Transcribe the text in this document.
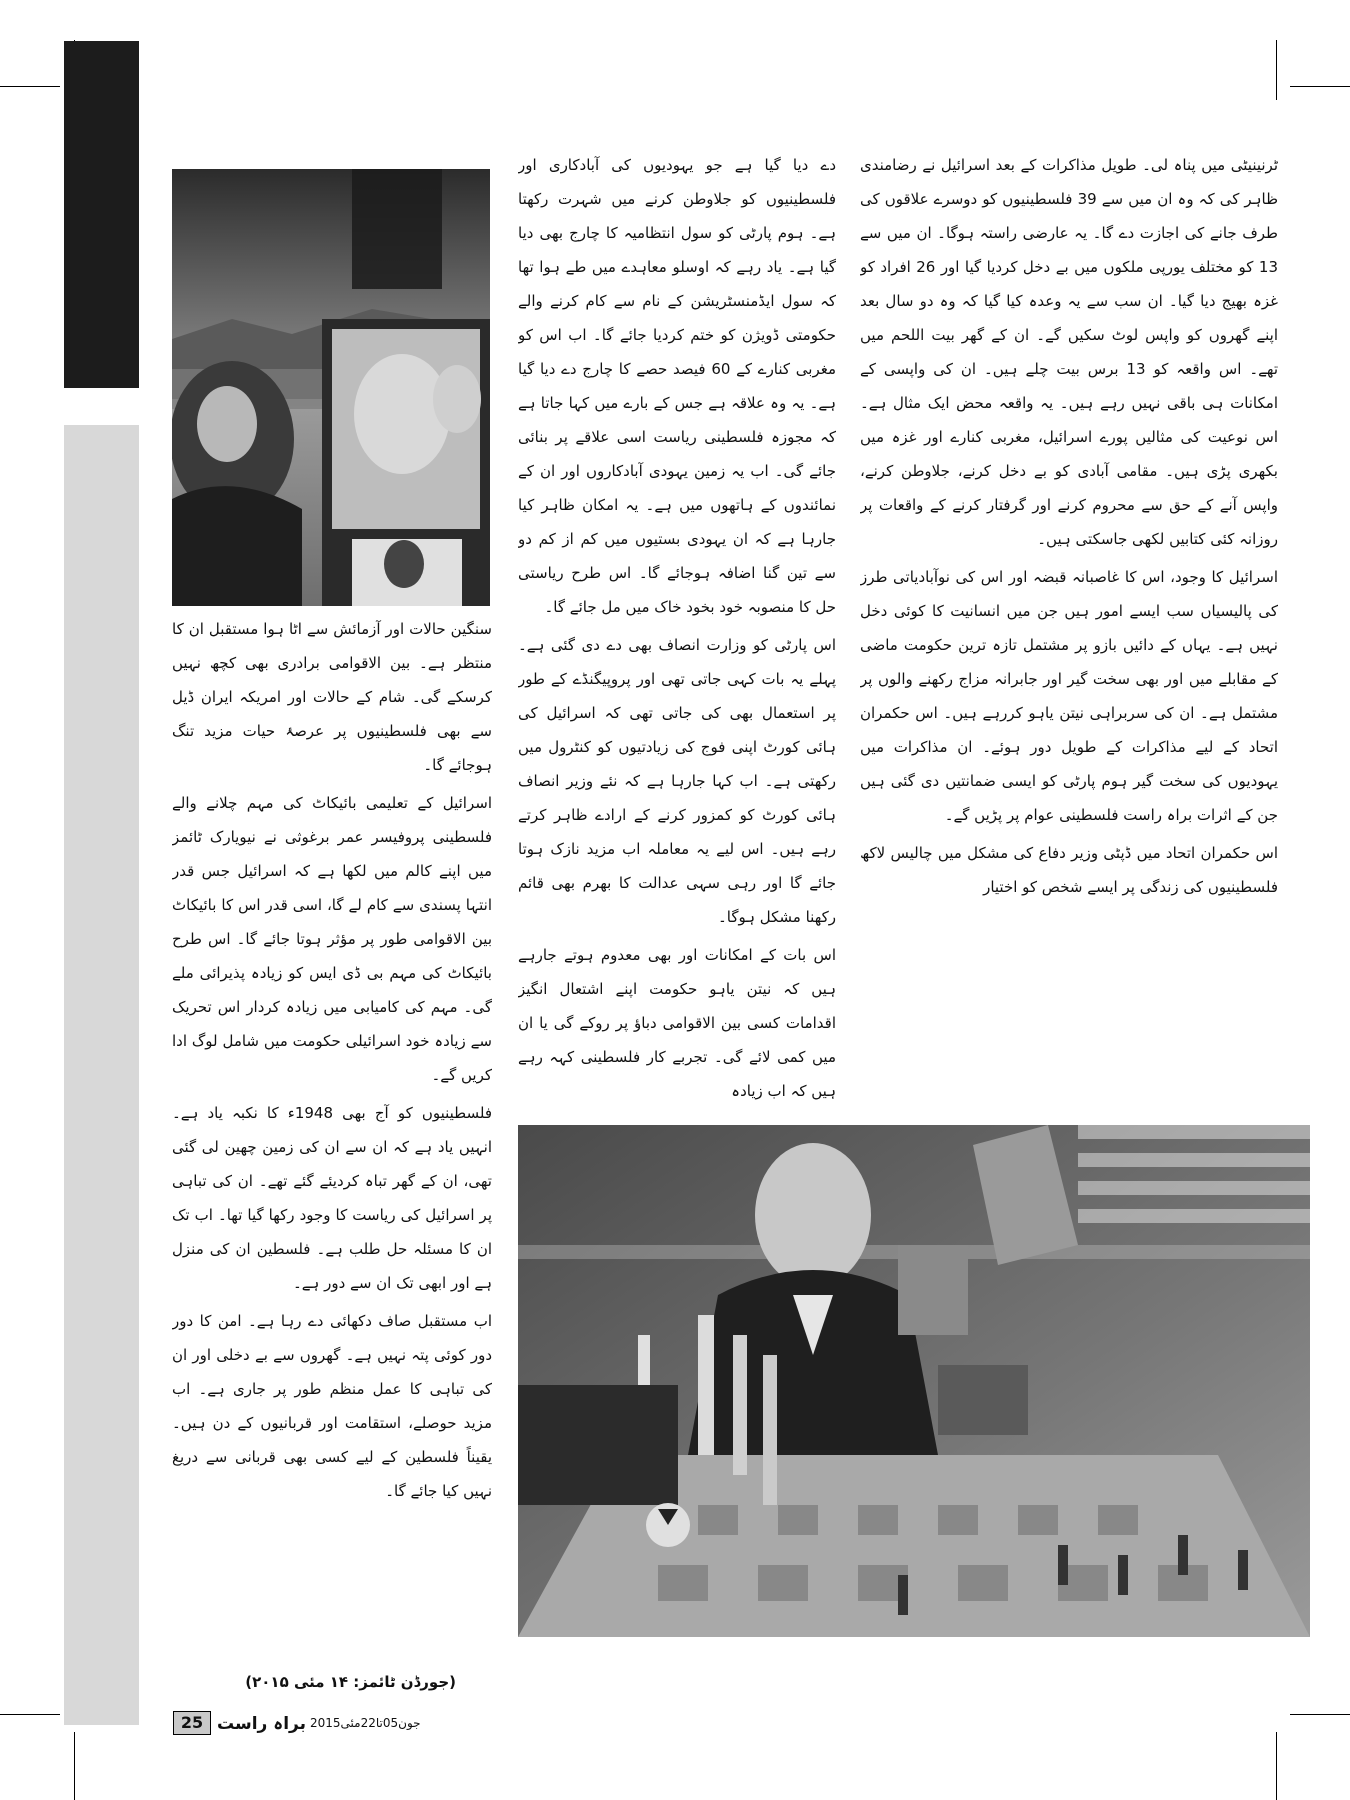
ٹرنینیٹی میں پناہ لی۔ طویل مذاکرات کے بعد اسرائیل نے رضامندی ظاہر کی کہ وہ ان میں سے 39 فلسطینیوں کو دوسرے علاقوں کی طرف جانے کی اجازت دے گا۔ یہ عارضی راستہ ہوگا۔ ان میں سے 13 کو مختلف یورپی ملکوں میں بے دخل کردیا گیا اور 26 افراد کو غزہ بھیج دیا گیا۔ ان سب سے یہ وعدہ کیا گیا کہ وہ دو سال بعد اپنے گھروں کو واپس لوٹ سکیں گے۔ ان کے گھر بیت اللحم میں تھے۔ اس واقعہ کو 13 برس بیت چلے ہیں۔ ان کی واپسی کے امکانات ہی باقی نہیں رہے ہیں۔ یہ واقعہ محض ایک مثال ہے۔ اس نوعیت کی مثالیں پورے اسرائیل، مغربی کنارے اور غزہ میں بکھری پڑی ہیں۔ مقامی آبادی کو بے دخل کرنے، جلاوطن کرنے، واپس آنے کے حق سے محروم کرنے اور گرفتار کرنے کے واقعات پر روزانہ کئی کتابیں لکھی جاسکتی ہیں۔

اسرائیل کا وجود، اس کا غاصبانہ قبضہ اور اس کی نوآبادیاتی طرز کی پالیسیاں سب ایسے امور ہیں جن میں انسانیت کا کوئی دخل نہیں ہے۔ یہاں کے دائیں بازو پر مشتمل تازہ ترین حکومت ماضی کے مقابلے میں اور بھی سخت گیر اور جابرانہ مزاج رکھنے والوں پر مشتمل ہے۔ ان کی سربراہی نیتن یاہو کررہے ہیں۔ اس حکمران اتحاد کے لیے مذاکرات کے طویل دور ہوئے۔ ان مذاکرات میں یہودیوں کی سخت گیر ہوم پارٹی کو ایسی ضمانتیں دی گئی ہیں جن کے اثرات براہ راست فلسطینی عوام پر پڑیں گے۔

اس حکمران اتحاد میں ڈپٹی وزیر دفاع کی مشکل میں چالیس لاکھ فلسطینیوں کی زندگی پر ایسے شخص کو اختیار

دے دیا گیا ہے جو یہودیوں کی آبادکاری اور فلسطینیوں کو جلاوطن کرنے میں شہرت رکھتا ہے۔ ہوم پارٹی کو سول انتظامیہ کا چارج بھی دیا گیا ہے۔ یاد رہے کہ اوسلو معاہدے میں طے ہوا تھا کہ سول ایڈمنسٹریشن کے نام سے کام کرنے والے حکومتی ڈویژن کو ختم کردیا جائے گا۔ اب اس کو مغربی کنارے کے 60 فیصد حصے کا چارج دے دیا گیا ہے۔ یہ وہ علاقہ ہے جس کے بارے میں کہا جاتا ہے کہ مجوزہ فلسطینی ریاست اسی علاقے پر بنائی جائے گی۔ اب یہ زمین یہودی آبادکاروں اور ان کے نمائندوں کے ہاتھوں میں ہے۔ یہ امکان ظاہر کیا جارہا ہے کہ ان یہودی بستیوں میں کم از کم دو سے تین گنا اضافہ ہوجائے گا۔ اس طرح ریاستی حل کا منصوبہ خود بخود خاک میں مل جائے گا۔

اس پارٹی کو وزارت انصاف بھی دے دی گئی ہے۔ پہلے یہ بات کہی جاتی تھی اور پروپیگنڈے کے طور پر استعمال بھی کی جاتی تھی کہ اسرائیل کی ہائی کورٹ اپنی فوج کی زیادتیوں کو کنٹرول میں رکھتی ہے۔ اب کہا جارہا ہے کہ نئے وزیر انصاف ہائی کورٹ کو کمزور کرنے کے ارادے ظاہر کرتے رہے ہیں۔ اس لیے یہ معاملہ اب مزید نازک ہوتا جائے گا اور رہی سہی عدالت کا بھرم بھی قائم رکھنا مشکل ہوگا۔

اس بات کے امکانات اور بھی معدوم ہوتے جارہے ہیں کہ نیتن یاہو حکومت اپنے اشتعال انگیز اقدامات کسی بین الاقوامی دباؤ پر روکے گی یا ان میں کمی لائے گی۔ تجربے کار فلسطینی کہہ رہے ہیں کہ اب زیادہ

سنگین حالات اور آزمائش سے اٹا ہوا مستقبل ان کا منتظر ہے۔ بین الاقوامی برادری بھی کچھ نہیں کرسکے گی۔ شام کے حالات اور امریکہ ایران ڈیل سے بھی فلسطینیوں پر عرصۂ حیات مزید تنگ ہوجائے گا۔

اسرائیل کے تعلیمی بائیکاٹ کی مہم چلانے والے فلسطینی پروفیسر عمر برغوثی نے نیویارک ٹائمز میں اپنے کالم میں لکھا ہے کہ اسرائیل جس قدر انتہا پسندی سے کام لے گا، اسی قدر اس کا بائیکاٹ بین الاقوامی طور پر مؤثر ہوتا جائے گا۔ اس طرح بائیکاٹ کی مہم بی ڈی ایس کو زیادہ پذیرائی ملے گی۔ مہم کی کامیابی میں زیادہ کردار اس تحریک سے زیادہ خود اسرائیلی حکومت میں شامل لوگ ادا کریں گے۔

فلسطینیوں کو آج بھی 1948ء کا نکبہ یاد ہے۔ انہیں یاد ہے کہ ان سے ان کی زمین چھین لی گئی تھی، ان کے گھر تباہ کردیئے گئے تھے۔ ان کی تباہی پر اسرائیل کی ریاست کا وجود رکھا گیا تھا۔ اب تک ان کا مسئلہ حل طلب ہے۔ فلسطین ان کی منزل ہے اور ابھی تک ان سے دور ہے۔

اب مستقبل صاف دکھائی دے رہا ہے۔ امن کا دور دور کوئی پتہ نہیں ہے۔ گھروں سے بے دخلی اور ان کی تباہی کا عمل منظم طور پر جاری ہے۔ اب مزید حوصلے، استقامت اور قربانیوں کے دن ہیں۔ یقیناً فلسطین کے لیے کسی بھی قربانی سے دریغ نہیں کیا جائے گا۔

(جورڈن ٹائمز: ۱۴ مئی ۲۰۱۵)
25 براہ راست 2015جون05تا22مئی
